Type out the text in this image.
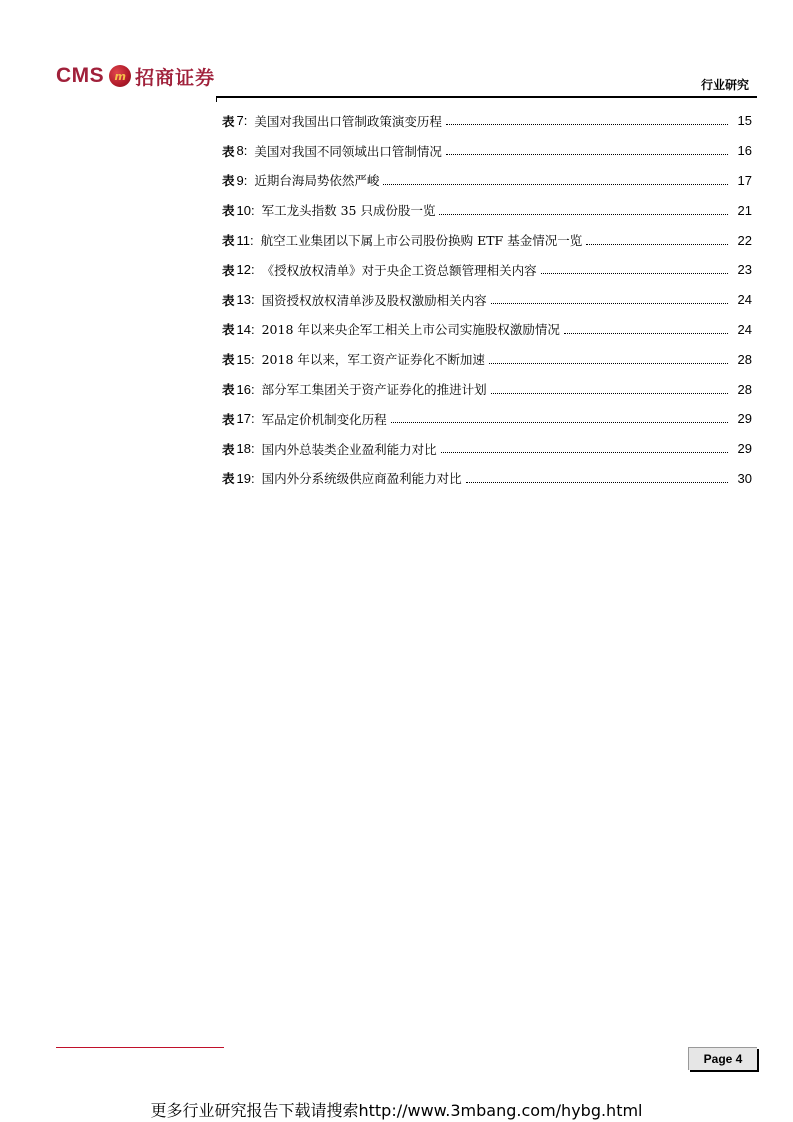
CMS m 招商证券	行业研究
表 7: 美国对我国出口管制政策演变历程	15
表 8: 美国对我国不同领域出口管制情况	16
表 9: 近期台海局势依然严峻	17
表 10: 军工龙头指数 35 只成份股一览	21
表 11: 航空工业集团以下属上市公司股份换购 ETF 基金情况一览	22
表 12: 《授权放权清单》对于央企工资总额管理相关内容	23
表 13: 国资授权放权清单涉及股权激励相关内容	24
表 14: 2018 年以来央企军工相关上市公司实施股权激励情况	24
表 15: 2018 年以来，军工资产证券化不断加速	28
表 16: 部分军工集团关于资产证券化的推进计划	28
表 17: 军品定价机制变化历程	29
表 18: 国内外总装类企业盈利能力对比	29
表 19: 国内外分系统级供应商盈利能力对比	30
Page 4
更多行业研究报告下载请搜索http://www.3mbang.com/hybg.html
